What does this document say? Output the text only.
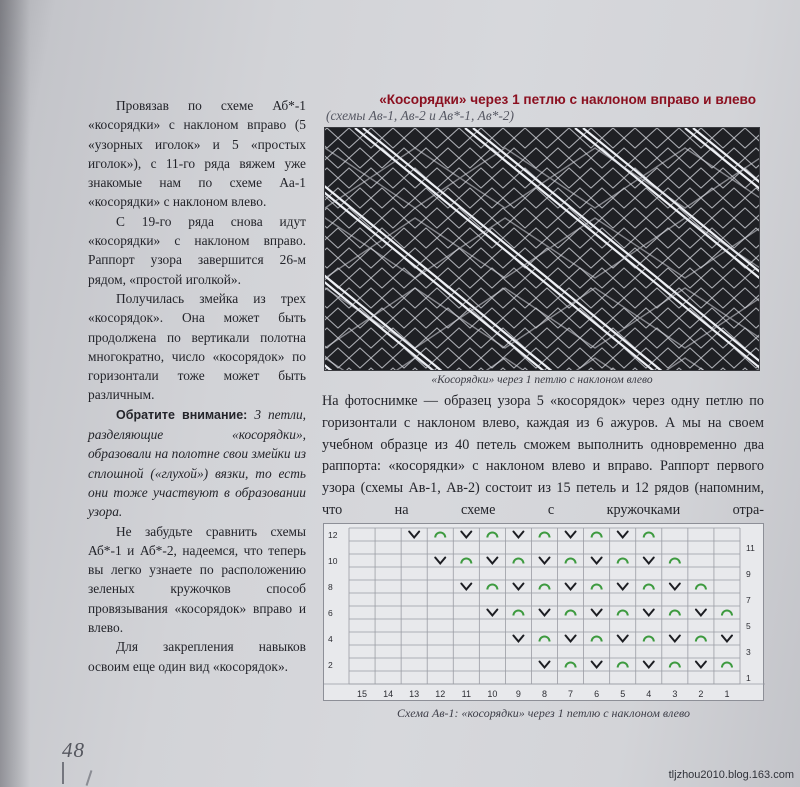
Провязав по схеме Аб*-1 «косорядки» с наклоном вправо (5 «узорных иголок» и 5 «простых иголок»), с 11-го ряда вяжем уже знакомые нам по схеме Аа-1 «косорядки» с наклоном влево.

С 19-го ряда снова идут «косорядки» с наклоном вправо. Раппорт узора завершится 26-м рядом, «простой иголкой».

Получилась змейка из трех «косорядок». Она может быть продолжена по вертикали полотна многократно, число «косорядок» по горизонтали тоже может быть различным.

Обратите внимание: 3 петли, разделяющие «косорядки», образовали на полотне свои змейки из сплошной («глухой») вязки, то есть они тоже участвуют в образовании узора.

Не забудьте сравнить схемы Аб*-1 и Аб*-2, надеемся, что теперь вы легко узнаете по расположению зеленых кружочков способ провязывания «косорядок» вправо и влево.

Для закрепления навыков освоим еще один вид «косорядок».

«Косорядки» через 1 петлю с наклоном вправо и влево
(схемы Ав-1, Ав-2 и Ав*-1, Ав*-2)
«Косорядки» через 1 петлю с наклоном влево
На фотоснимке — образец узора 5 «косорядок» через одну петлю по горизонтали с наклоном влево, каждая из 6 ажуров. А мы на своем учебном образце из 40 петель сможем выполнить одновременно два раппорта: «косорядки» с наклоном влево и вправо. Раппорт первого узора (схемы Ав-1, Ав-2) состоит из 15 петель и 12 рядов (напомним, что на схеме с кружочками отра-
15 14 13 12 11 10 9 8 7 6 5 4 3 2 1
12
10
8
6
4
2
11
9
7
5
3
1
Схема Ав-1: «косорядки» через 1 петлю с наклоном влево
48
tljzhou2010.blog.163.com
